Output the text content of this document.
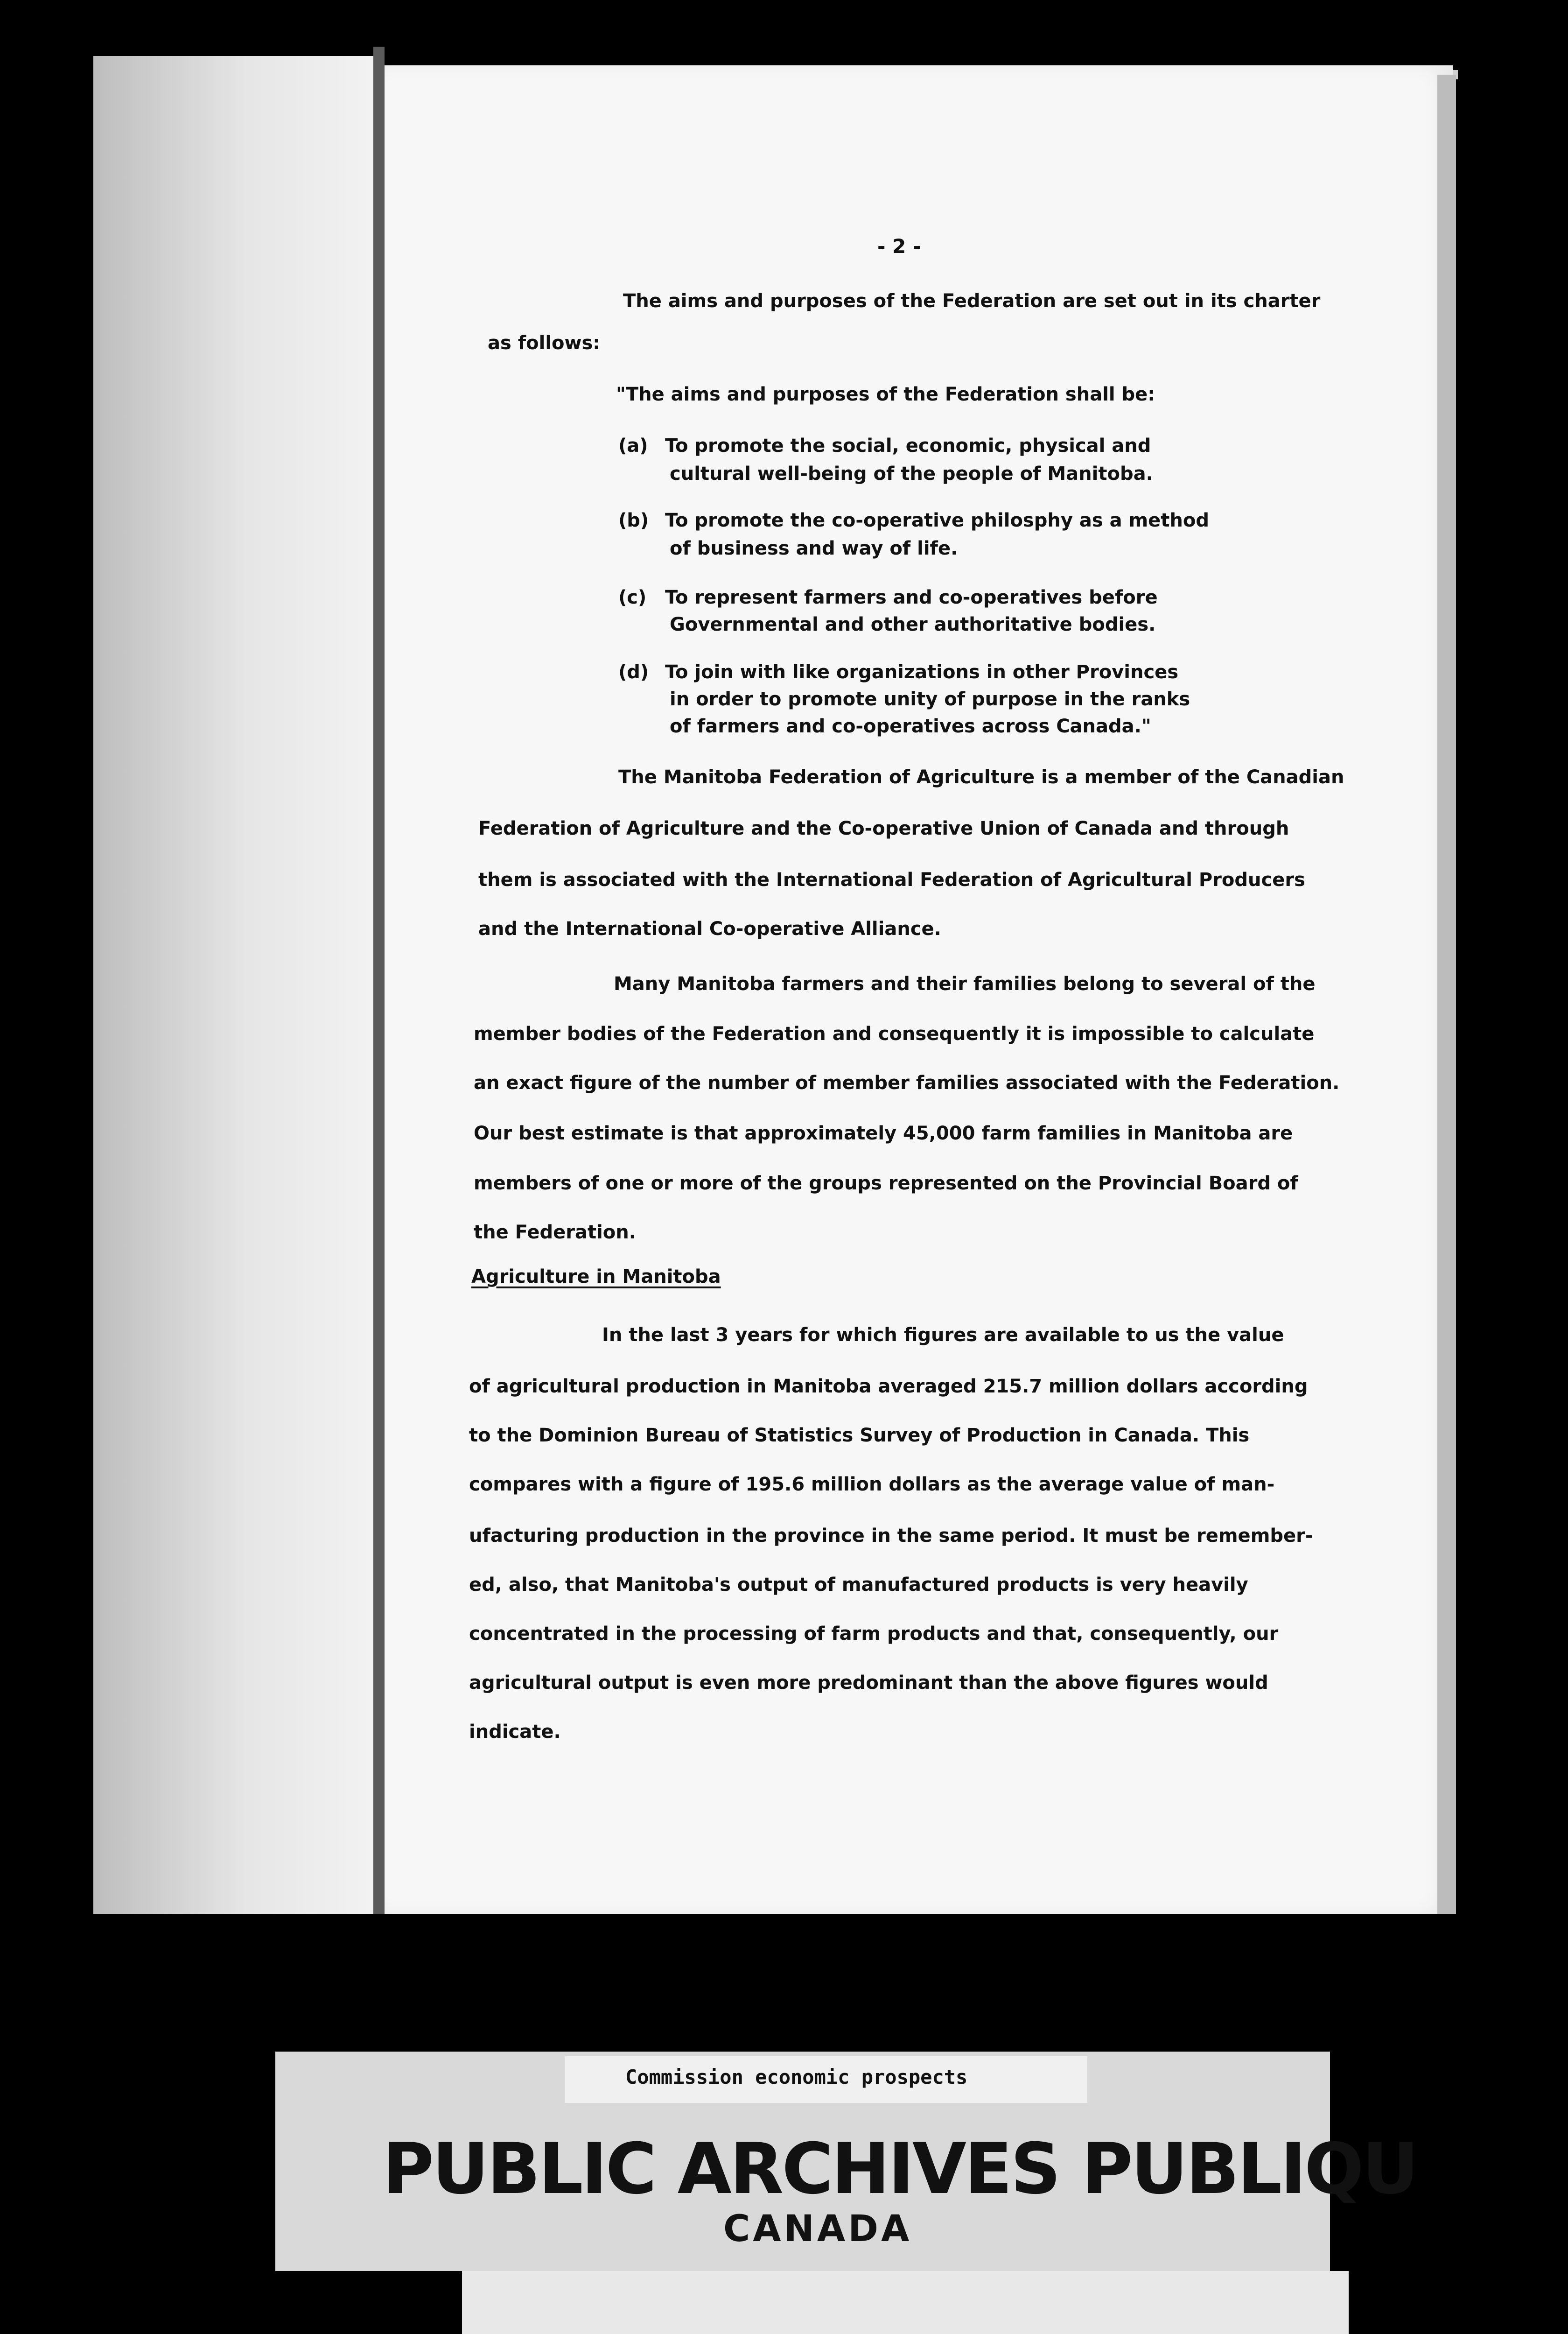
- 2 -
The aims and purposes of the Federation are set out in its charter
as follows:
"The aims and purposes of the Federation shall be:
(a) To promote the social, economic, physical and
cultural well-being of the people of Manitoba.
(b) To promote the co-operative philosphy as a method
of business and way of life.
(c) To represent farmers and co-operatives before
Governmental and other authoritative bodies.
(d) To join with like organizations in other Provinces
in order to promote unity of purpose in the ranks
of farmers and co-operatives across Canada."
The Manitoba Federation of Agriculture is a member of the Canadian
Federation of Agriculture and the Co-operative Union of Canada and through
them is associated with the International Federation of Agricultural Producers
and the International Co-operative Alliance.
Many Manitoba farmers and their families belong to several of the
member bodies of the Federation and consequently it is impossible to calculate
an exact figure of the number of member families associated with the Federation.
Our best estimate is that approximately 45,000 farm families in Manitoba are
members of one or more of the groups represented on the Provincial Board of
the Federation.
Agriculture in Manitoba
In the last 3 years for which figures are available to us the value
of agricultural production in Manitoba averaged 215.7 million dollars according
to the Dominion Bureau of Statistics Survey of Production in Canada. This
compares with a figure of 195.6 million dollars as the average value of man-
ufacturing production in the province in the same period. It must be remember-
ed, also, that Manitoba's output of manufactured products is very heavily
concentrated in the processing of farm products and that, consequently, our
agricultural output is even more predominant than the above figures would
indicate.
Commission economic prospects
PUBLIC ARCHIVES PUBLIQU
CANADA
